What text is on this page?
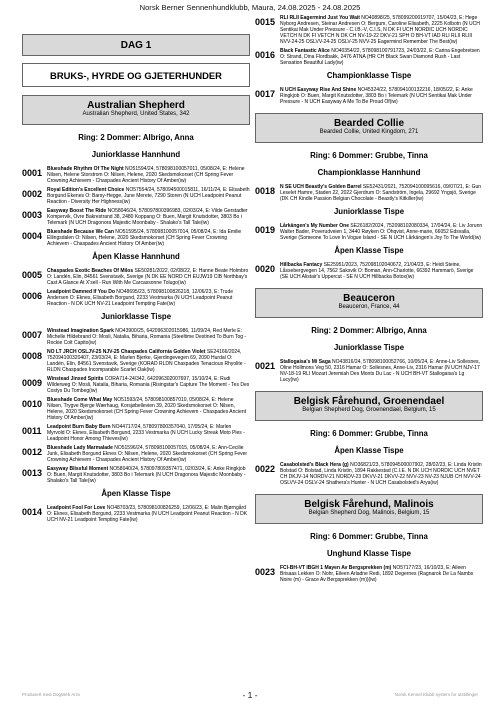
Norsk Berner Sennenhundklubb, Maura, 24.08.2025 - 24.08.2025
DAG 1
BRUKS-, HYRDE OG GJETERHUNDER
Australian Shepherd
Australian Shepherd, United States, 342
Ring: 2 Dommer: Albrigo, Anna
Juniorklasse Hannhund
0001 Blueshade Rhythm Of The Night NO51594/24, 578098100057011, 05/08/24, E: Helene Nilsen, Helene Storstrom O: Nilsen, Helene, 2020 Skedsmokorset (CH Spring Fever Crowning Achievem - Chaspades Ancient History Of Amber(iw)
0002 Royal Edition's Excellent Choice NO57554/24, 578094500015811, 16/11/24, E: Elisabeth Borgund Ekenes O: Barsy-Hegge, June Merete, 7290 Storen (N UCH Leadpoint Peanut Reaction - Diversity Her Highness(iw)
0003 Easyway Boost The Ride NO58046/24, 578097800396983, 02/03/24, E: Vilde Gerstadter Kompervik, Ovre Bakrestrand 38, 2480 Koppang O: Buen, Margit Knutsdotter, 3803 Bo i Telemark (N UCH Dragonora Majestic Moonbaby - Shalako's Tall Tale(iw)
0004 Blueshade Because We Can NO51595/24, 578098100057014, 05/08/24, E: Ida Emilie Ellingsdalen O: Nilsen, Helene, 2020 Skedsmokorset (CH Spring Fever Crowning Achievem - Chaspades Ancient History Of Amber(iw)
Åpen Klasse Hannhund
0005 Chaspades Exotic Beaches Of Milos SE50281/2022, 02/08/22, E: Hanne Beate Holmbro O: Landén, Elin, 84561 Svenstavik, Sverige (N DK EE NORD CH EUJW19 CIB Northbay's Cast A Glance At X'sell - Run With Me Carcassonne Tolugo(iw)
0006 Leadpoint Damned If You Do NO48695/23, 578098100826218, 12/06/23, E: Trude Andersen O: Eknes, Elisabeth Borgund, 2233 Vestmarka (N UCH Leadpoint Peanut Reaction - N DK UCH NV-21 Leadpoint Tempting Fate(iw)
Juniorklasse Tispe
0007 Winstead Imagination Spark NO43900/25, 642096302015986, 11/09/24, Red Merle E: Michelle Hildebrand O: Mosli, Natalia, Biharia, Romania (Steeltime Destined To Burn Tog - Rockie Colt Capito(iw)
0008 NO LT JRCH OSLJV-25 NJV-25 Chaspades California Golden Violet SE24166/2024, 752094100320407, 23/03/24, E: Marlen Bjerke, Gjerdingevegen 69, 2090 Hurdal O: Landén, Elin, 84561 Svenstavik, Sverige (KORAD RLDN Chaspades Tenacious Rhyolite - RLDN Chaspades Incomparable Scarlet Oak(iw)
0009 Winstead Jinxed Spirits CORA714-24/342, 642096302007697, 15/10/24, E: Rudi Wilderweg O: Mosli, Natalia, Biharia, Romania (Risingstar's Capture The Moment - Tes Des Costys Du Tombeg(iw)
0010 Blueshade Come What May NO51593/24, 578098100857010, 05/08/24, E: Helene Nilsen, Trygve Bjerge Wærhaug, Korsjøbellevien 39, 2020 Skedsmokorset O: Nilsen, Helene, 2020 Skedsmokorset (CH Spring Fever Crowning Achievem - Chaspades Ancient History Of Amber(iw)
0011 Leadpoint Burn Baby Burn NO44717/24, 578097800357040, 17/05/24, E: Marlen Myrvold O: Eknes, Elisabeth Borgund, 2233 Vestmarka (N UCH Lucky Streak Moto Pies - Leadpoint Honor Among Thieves(iw)
0012 Blueshade Lady Marmalade NO51596/24, 578098100057015, 05/08/24, E: Ann-Cecilie Junk, Elisabeth Borgund Eknes O: Nilsen, Helene, 2020 Skedsmokorset (CH Spring Fever Crowning Achievem - Chaspades Ancient History Of Amber(iw)
0013 Easyway Blissful Moment NO58040/24, 578097809357471, 02/03/24, E: Anke Ringkjob O: Buen, Margit Knutsdotter, 3803 Bo i Telemark (N UCH Dragonora Majestic Moonbaby - Shalako's Tall Tale(iw)
Åpen Klasse Tispe
0014 Leadpoint Fool For Love NO48703/23, 578098100826259, 12/06/23, E: Malin Bjørngård O: Eknes, Elisabeth Borgund, 2233 Vestmarka (N UCH Leadpoint Peanut Reaction - N DK UCH NV-21 Leadpoint Tempting Fate(iw)
0015 RLI RLII Eagermind Just You Wait NO40898/25, 578099200019707, 15/04/23, E: Hege Nyborg Andresen, Steinar Andresen O: Bergum, Caroline Elisabeth, 2225 Kolbotn (N UCH Sentikai Mak Under Pressure - C.I.B.-V, C.I.S, N DK FI UCH NORDIC UCH NORDIC VETCH N DK FI VETCH N DK CH NV-19-22 DKV-21 SPH O BH-VT IAD RLI RLII RLIII NVV-24-25 OSLVV-24-25 OSLV-25 NVV-25 Eagermind Remember The Best(iw)
0016 Black Fantastic Alice NO40354/22, 578098100791723, 24/03/22, E: Carina Engebretsen O: Strand, Dina Flordbakk, 2476 ATNA (HR CH Black Swan Diamond Rush - Last Sensation Beautiful Lady(iw)
Championklasse Tispe
0017 N UCH Easyway Rise And Shine NO45324/22, 578094100132216, 18/05/22, E: Anke Ringkjob O: Buen, Margit Knutsdotter, 3803 Bo i Telemark (N UCH Sentikai Mak Under Pressure - N UCH Easyway A Me To Be Proud Of(iw)
Bearded Collie
Bearded Collie, United Kingdom, 271
Ring: 6 Dommer: Grubbe, Tinna
Championklasse Hannhund
0018 N SE UCH Beastly's Golden Barrel SE52431/2021, 752094100095616, 09/07/21, E: Gun Leselet Hamre, Staden 22, 2022 Gjerdrum O: Sandström, Ingela, 29692 Yngsjö, Sverige (DK CH Kindle Passion Belgian Chocolate - Beastly's Kitkiller(iw)
Juniorklasse Tispe
0019 Lårkängen's My Number One SE26182/2024, 752098102080334, 17/04/24, E: Liv Jorunn Walter Bader, Poverudveien 1, 3440 Røyken O: Öhqvist, Anne-marie, 66052 Edsvalla, Sverige (Someone To Love In Vogue Island - SE N UCH Lårkängen's Joy To The World(iw)
Åpen Klasse Tispe
0020 Hillbacka Fantacy SE25951/2023, 752098102040672, 21/04/23, E: Heidi Steine, Låssebergvegen 14, 7562 Saksvik O: Boman, Ann-Charlotte, 66392 Hammarö, Sverige (SE UCH Alistair's Uppercut - SE N UCH Hillbacka Botox(iw)
Beauceron
Beauceron, France, 44
Ring: 2 Dommer: Albrigo, Anna
Juniorklasse Tispe
0021 Stallogaisa's Mi Saga NO43816/24, 578098100052766, 10/05/24, E: Anne-Liv Sollesnes, Oline Hollmons Veg 50, 2316 Hamar O: Sollesnes, Anne-Liv, 2316 Hamar (N UCH NJV-17 NV-18-19 RLI Mozart Jeremiah Des Monts Du Lac - N UCH BH-VT Stallogaisa's Lg Lucy(iw)
Belgisk Fårehund, Groenendael
Belgian Shepherd Dog, Groenendael, Belgium, 15
Ring: 6 Dommer: Grubbe, Tinna
Åpen Klasse Tispe
0022 Casabolsted's Black Hera (g) NO36821/23, 578094500007902, 28/02/23, E: Linda Kristin Bolstad O: Bolstad, Linda Kristin, 1894 Rakkestad (C.I.E. N DK UCH NORDIC UCH NVET CH DKJV-14 NORDV-21 NORDV-23 DKVV-21 DKVV-22 NVV-23 NV-23 NJUB CH NVV-24 OSLVV-24 OSLV-24 Shathera's Hunter - N UCH Casabolsted's Arya(iw)
Belgisk Fårehund, Malinois
Belgian Shepherd Dog, Malinois, Belgium, 15
Ring: 6 Dommer: Grubbe, Tinna
Unghund Klasse Tispe
0023 FCI-BH-VT IBGH 1 Mayen Av Bergsprekken (m) NO57177/23, 16/10/23, E: Aileen Brisaas Lekken O: Nohr, Eileen Arladne Redi, 1892 Degernes (Ragnarok De La Nambs Noire (m) - Grace Av Bergsprekken (m))(iw)
Produsert med DogWeb Arra	- 1 -	Norsk Kennel Klubb system for utstillinger
